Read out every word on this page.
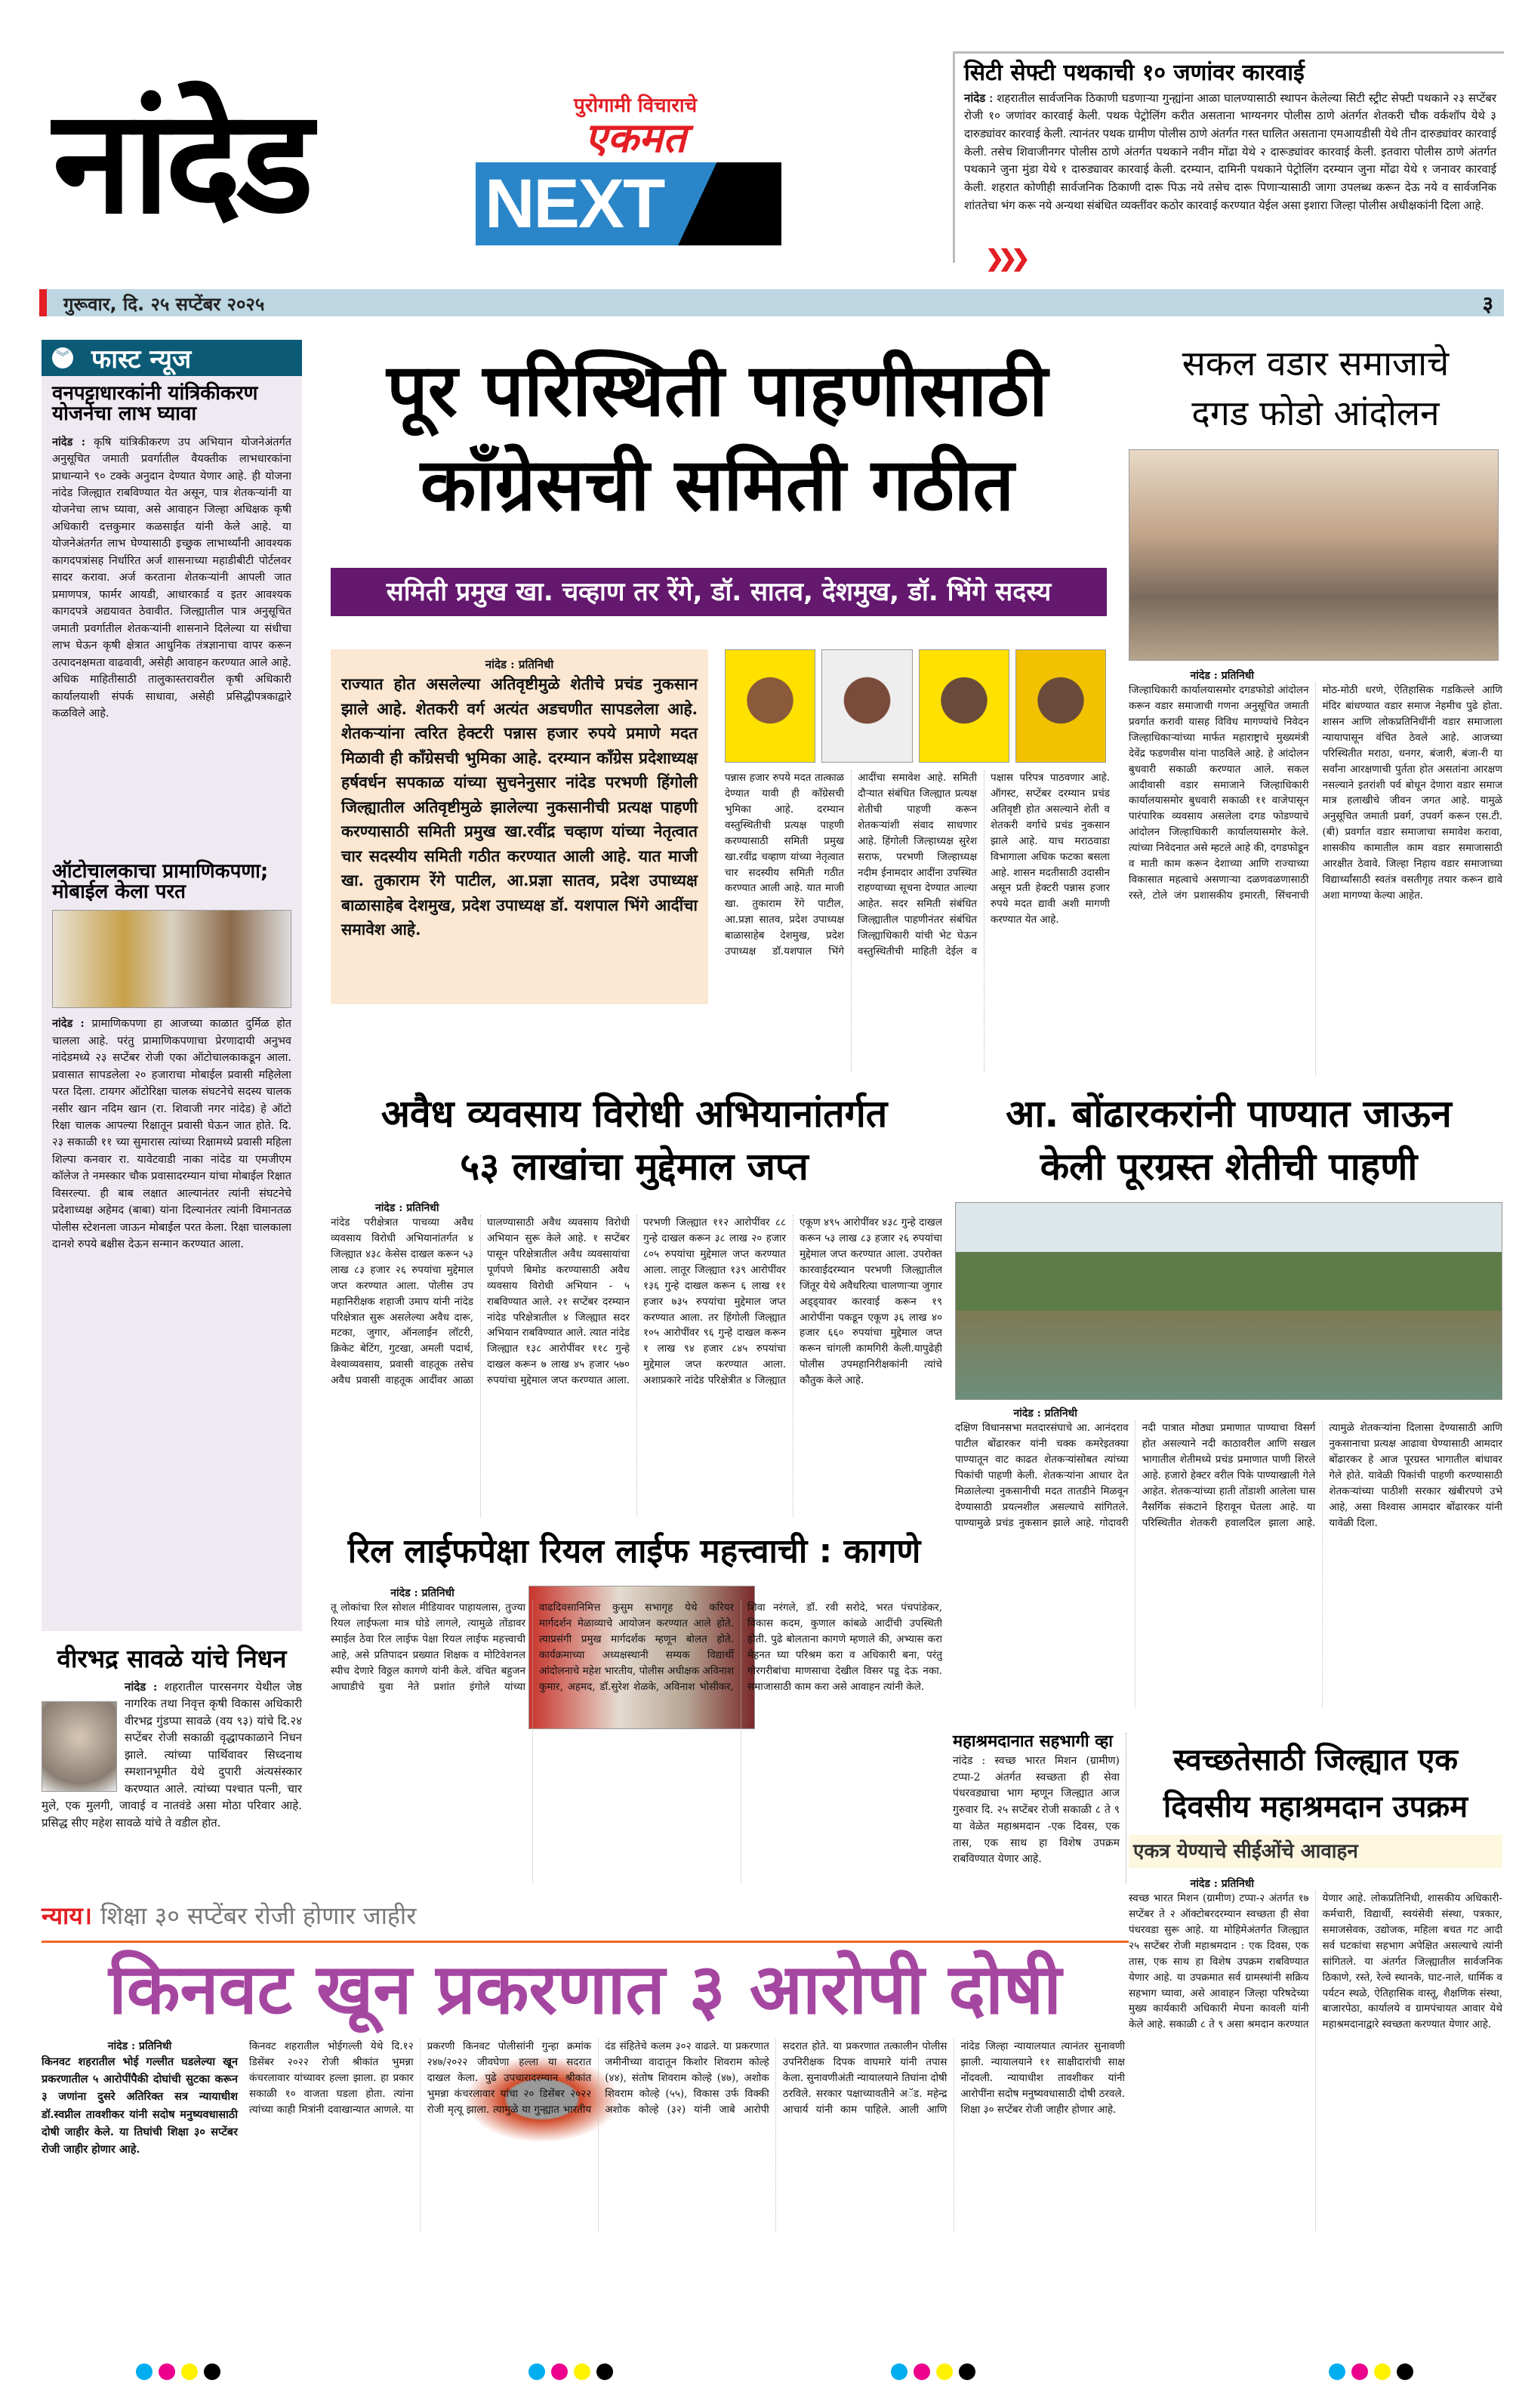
नांदेड	पुरोगामी विचाराचे
एकमत
NEXT
सिटी सेफ्टी पथकाची १० जणांवर कारवाई
नांदेड : शहरातील सार्वजनिक ठिकाणी घडणाऱ्या गुन्ह्यांना आळा घालण्यासाठी स्थापन केलेल्या सिटी स्ट्रीट सेफ्टी पथकाने २३ सप्टेंबर रोजी १० जणांवर कारवाई केली. पथक पेट्रोलिंग करीत असताना भाग्यनगर पोलीस ठाणे अंतर्गत शेतकरी चौक वर्कशॉप येथे ३ दारुड्यांवर कारवाई केली. त्यानंतर पथक ग्रामीण पोलीस ठाणे अंतर्गत गस्त घालित असताना एमआयडीसी येथे तीन दारुड्यांवर कारवाई केली. तसेच शिवाजीनगर पोलीस ठाणे अंतर्गत पथकाने नवीन मोंढा येथे २ दारूड्यांवर कारवाई केली. इतवारा पोलीस ठाणे अंतर्गत पथकाने जुना मुंडा येथे १ दारुड्यावर कारवाई केली. दरम्यान, दामिनी पथकाने पेट्रोलिंग दरम्यान जुना मोंढा येथे १ जनावर कारवाई केली. शहरात कोणीही सार्वजनिक ठिकाणी दारू पिऊ नये तसेच दारू पिणाऱ्यासाठी जागा उपलब्ध करून देऊ नये व सार्वजनिक शांततेचा भंग करू नये अन्यथा संबंधित व्यक्तींवर कठोर कारवाई करण्यात येईल असा इशारा जिल्हा पोलीस अधीक्षकांनी दिला आहे.
❯❯❯
गुरूवार, दि. २५ सप्टेंबर २०२५	३
︾ फास्ट न्यूज
वनपट्टाधारकांनी यांत्रिकीकरण योजनेचा लाभ घ्यावा
नांदेड : कृषि यांत्रिकीकरण उप अभियान योजनेअंतर्गत अनुसूचित जमाती प्रवर्गातील वैयक्तीक लाभधारकांना प्राधान्याने ९० टक्के अनुदान देण्यात येणार आहे. ही योजना नांदेड जिल्ह्यात राबविण्यात येत असून, पात्र शेतकऱ्यांनी या योजनेचा लाभ घ्यावा, असे आवाहन जिल्हा अधिक्षक कृषी अधिकारी दत्तकुमार कळसाईत यांनी केले आहे. या योजनेअंतर्गत लाभ घेण्यासाठी इच्छुक लाभार्थ्यांनी आवश्यक कागदपत्रांसह निर्धारित अर्ज शासनाच्या महाडीबीटी पोर्टलवर सादर करावा. अर्ज करताना शेतकऱ्यांनी आपली जात प्रमाणपत्र, फार्मर आयडी, आधारकार्ड व इतर आवश्यक कागदपत्रे अद्ययावत ठेवावीत. जिल्ह्यातील पात्र अनुसूचित जमाती प्रवर्गातील शेतकऱ्यांनी शासनाने दिलेल्या या संधीचा लाभ घेऊन कृषी क्षेत्रात आधुनिक तंत्रज्ञानाचा वापर करून उत्पादनक्षमता वाढवावी, असेही आवाहन करण्यात आले आहे. अधिक माहितीसाठी तालुकास्तरावरील कृषी अधिकारी कार्यालयाशी संपर्क साधावा, असेही प्रसिद्धीपत्रकाद्वारे कळविले आहे.
ऑटोचालकाचा प्रामाणिकपणा; मोबाईल केला परत
नांदेड : प्रामाणिकपणा हा आजच्या काळात दुर्मिळ होत चालला आहे. परंतु प्रामाणिकपणाचा प्रेरणादायी अनुभव नांदेडमध्ये २३ सप्टेंबर रोजी एका ऑटोचालकाकडून आला. प्रवासात सापडलेला २० हजाराचा मोबाईल प्रवासी महिलेला परत दिला. टायगर ऑटोरिक्षा चालक संघटनेचे सदस्य चालक नसीर खान नदिम खान (रा. शिवाजी नगर नांदेड) हे ऑटो रिक्षा चालक आपल्या रिक्षातून प्रवासी घेऊन जात होते. दि. २३ सकाळी ११ च्या सुमारास त्यांच्या रिक्षामध्ये प्रवासी महिला शिल्पा कनवार रा. यावेटवाडी नाका नांदेड या एमजीएम कॉलेज ते नमस्कार चौक प्रवासादरम्यान यांचा मोबाईल रिक्षात विसरल्या. ही बाब लक्षात आल्यानंतर त्यांनी संघटनेचे प्रदेशाध्यक्ष अहेमद (बाबा) यांना दिल्यानंतर त्यांनी विमानतळ पोलीस स्टेशनला जाऊन मोबाईल परत केला. रिक्षा चालकाला दानशे रुपये बक्षीस देऊन सन्मान करण्यात आला.
वीरभद्र सावळे यांचे निधन
नांदेड : शहरातील पारसनगर येथील जेष्ठ नागरिक तथा निवृत्त कृषी विकास अधिकारी वीरभद्र गुंडप्पा सावळे (वय ९३) यांचे दि.२४ सप्टेंबर रोजी सकाळी वृद्धापकाळाने निधन झाले. त्यांच्या पार्थिवावर सिध्दनाथ स्मशानभूमीत येथे दुपारी अंत्यसंस्कार करण्यात आले. त्यांच्या पश्चात पत्नी, चार मुले, एक मुलगी, जावाई व नातवंडे असा मोठा परिवार आहे. प्रसिद्ध सीए महेश सावळे यांचे ते वडील होत.
पूर परिस्थिती पाहणीसाठी
काँग्रेसची समिती गठीत
समिती प्रमुख खा. चव्हाण तर रेंगे, डॉ. सातव, देशमुख, डॉ. भिंगे सदस्य
नांदेड : प्रतिनिधी
राज्यात होत असलेल्या अतिवृष्टीमुळे शेतीचे प्रचंड नुकसान झाले आहे. शेतकरी वर्ग अत्यंत अडचणीत सापडलेला आहे. शेतकऱ्यांना त्वरित हेक्टरी पन्नास हजार रुपये प्रमाणे मदत मिळावी ही काँग्रेसची भुमिका आहे. दरम्यान काँग्रेस प्रदेशाध्यक्ष हर्षवर्धन सपकाळ यांच्या सुचनेनुसार नांदेड परभणी हिंगोली जिल्ह्यातील अतिवृष्टीमुळे झालेल्या नुकसानीची प्रत्यक्ष पाहणी करण्यासाठी समिती प्रमुख खा.रवींद्र चव्हाण यांच्या नेतृत्वात चार सदस्यीय समिती गठीत करण्यात आली आहे. यात माजी खा. तुकाराम रेंगे पाटील, आ.प्रज्ञा सातव, प्रदेश उपाध्यक्ष बाळासाहेब देशमुख, प्रदेश उपाध्यक्ष डॉ. यशपाल भिंगे आदींचा समावेश आहे.
पन्नास हजार रुपये मदत तात्काळ देण्यात यावी ही काँग्रेसची भुमिका आहे. दरम्यान वस्तुस्थितीची प्रत्यक्ष पाहणी करण्यासाठी समिती प्रमुख खा.रवींद्र चव्हाण यांच्या नेतृत्वात चार सदस्यीय समिती गठीत करण्यात आली आहे. यात माजी खा. तुकाराम रेंगे पाटील, आ.प्रज्ञा सातव, प्रदेश उपाध्यक्ष बाळासाहेब देशमुख, प्रदेश उपाध्यक्ष डॉ.यशपाल भिंगे आदींचा समावेश आहे. समिती दौऱ्यात संबंधित जिल्ह्यात प्रत्यक्ष शेतीची पाहणी करून शेतकऱ्यांशी संवाद साधणार आहे. हिंगोली जिल्हाध्यक्ष सुरेश सराफ, परभणी जिल्हाध्यक्ष नदीम ईनामदार आदींना उपस्थित राहण्याच्या सूचना देण्यात आल्या आहेत. सदर समिती संबंधित जिल्ह्यातील पाहणीनंतर संबंधित जिल्ह्याधिकारी यांची भेट घेऊन वस्तुस्थितीची माहिती देईल व पक्षास परिपत्र पाठवणार आहे. ऑगस्ट, सप्टेंबर दरम्यान प्रचंड अतिवृष्टी होत असल्याने शेती व शेतकरी वर्गाचे प्रचंड नुकसान झाले आहे. याच मराठवाडा विभागाला अधिक फटका बसला आहे. शासन मदतीसाठी उदासीन असून प्रती हेक्टरी पन्नास हजार रुपये मदत द्यावी अशी मागणी करण्यात येत आहे.
सकल वडार समाजाचे
दगड फोडो आंदोलन
नांदेड : प्रतिनिधी
जिल्हाधिकारी कार्यालयासमोर दगडफोडो आंदोलन करून वडार समाजाची गणना अनुसूचित जमाती प्रवर्गात करावी यासह विविध मागण्यांचे निवेदन जिल्हाधिकाऱ्यांच्या मार्फत महाराष्ट्राचे मुख्यमंत्री देवेंद्र फडणवीस यांना पाठविले आहे. हे आंदोलन बुधवारी सकाळी करण्यात आले. सकल आदीवासी वडार समाजाने जिल्हाधिकारी कार्यालयासमोर बुधवारी सकाळी ११ वाजेपासून पारंपारिक व्यवसाय असलेला दगड फोडण्याचे आंदोलन जिल्हाधिकारी कार्यालयासमोर केले. त्यांच्या निवेदनात असे म्हटले आहे की, दगडफोडून व माती काम करून देशाच्या आणि राज्याच्या विकासात महत्वाचे असणाऱ्या दळणवळणासाठी रस्ते, टोले जंग प्रशासकीय इमारती, सिंचनाची मोठ-मोठी धरणे, ऐतिहासिक गडकिल्ले आणि मंदिर बांधण्यात वडार समाज नेहमीच पुढे होता. शासन आणि लोकप्रतिनिधींनी वडार समाजाला न्यायापासून वंचित ठेवले आहे. आजच्या परिस्थितीत मराठा, धनगर, बंजारी, बंजा-री या सर्वांना आरक्षणाची पुर्तता होत असतांना आरक्षण नसल्याने इतरांशी पर्व बोधून देणारा वडार समाज मात्र हलाखीचे जीवन जगत आहे. यामुळे अनुसूचित जमाती प्रवर्ग, उपवर्ग करून एस.टी.(बी) प्रवर्गात वडार समाजाचा समावेश करावा, शासकीय कामातील काम वडार समाजासाठी आरक्षीत ठेवावे. जिल्हा निहाय वडार समाजाच्या विद्यार्थ्यांसाठी स्वतंत्र वसतीगृह तयार करून द्यावे अशा मागण्या केल्या आहेत.
अवैध व्यवसाय विरोधी अभियानांतर्गत
५३ लाखांचा मुद्देमाल जप्त
नांदेड : प्रतिनिधी
नांदेड परीक्षेत्रात पाचव्या अवैध व्यवसाय विरोधी अभियानांतर्गत ४ जिल्ह्यात ४३८ केसेस दाखल करून ५३ लाख ८३ हजार २६ रुपयांचा मुद्देमाल जप्त करण्यात आला. पोलीस उप महानिरीक्षक शहाजी उमाप यांनी नांदेड परिक्षेत्रात सुरू असलेल्या अवैध दारू, मटका, जुगार, ऑनलाईन लॉटरी, क्रिकेट बेटिंग, गुटखा, अमली पदार्थ, वेश्याव्यवसाय, प्रवासी वाहतूक तसेच अवैध प्रवासी वाहतूक आदींवर आळा घालण्यासाठी अवैध व्यवसाय विरोधी अभियान सुरू केले आहे. १ सप्टेंबर पासून परिक्षेत्रातील अवैध व्यवसायांचा पूर्णपणे बिमोड करण्यासाठी अवैध व्यवसाय विरोधी अभियान - ५ राबविण्यात आले. २१ सप्टेंबर दरम्यान नांदेड परिक्षेत्रातील ४ जिल्ह्यात सदर अभियान राबविण्यात आले. त्यात नांदेड जिल्ह्यात १३८ आरोपींवर ११८ गुन्हे दाखल करून ७ लाख ४५ हजार ५७० रुपयांचा मुद्देमाल जप्त करण्यात आला. परभणी जिल्ह्यात ११२ आरोपींवर ८८ गुन्हे दाखल करून ३८ लाख २० हजार ८०५ रुपयांचा मुद्देमाल जप्त करण्यात आला. लातूर जिल्ह्यात १३९ आरोपींवर १३६ गुन्हे दाखल करून ६ लाख ११ हजार ७३५ रुपयांचा मुद्देमाल जप्त करण्यात आला. तर हिंगोली जिल्ह्यात १०५ आरोपींवर ९६ गुन्हे दाखल करून १ लाख ९४ हजार ८४५ रुपयांचा मुद्देमाल जप्त करण्यात आला. अशाप्रकारे नांदेड परिक्षेत्रीत ४ जिल्ह्यात एकूण ४९५ आरोपींवर ४३८ गुन्हे दाखल करून ५३ लाख ८३ हजार २६ रुपयांचा मुद्देमाल जप्त करण्यात आला. उपरोक्त कारवाईदरम्यान परभणी जिल्ह्यातील जिंतूर येथे अवैधरित्या चालणाऱ्या जुगार अड्ड्यावर कारवाई करून १९ आरोपींना पकडून एकूण ३६ लाख ४० हजार ६६० रुपयांचा मुद्देमाल जप्त करून चांगली कामगिरी केली.यापुढेही पोलीस उपमहानिरीक्षकांनी त्यांचे कौतुक केले आहे.
आ. बोंढारकरांनी पाण्यात जाऊन
केली पूरग्रस्त शेतीची पाहणी
नांदेड : प्रतिनिधी
दक्षिण विधानसभा मतदारसंघाचे आ. आनंदराव पाटील बोंढारकर यांनी चक्क कमरेइतक्या पाण्यातून वाट काढत शेतकऱ्यांसोबत त्यांच्या पिकांची पाहणी केली. शेतकऱ्यांना आधार देत मिळालेल्या नुकसानीची मदत तातडीने मिळवून देण्यासाठी प्रयत्नशील असल्याचे सांगितले. पाण्यामुळे प्रचंड नुकसान झाले आहे. गोदावरी नदी पात्रात मोठ्या प्रमाणात पाण्याचा विसर्ग होत असल्याने नदी काठावरील आणि सखल भागातील शेतीमध्ये प्रचंड प्रमाणात पाणी शिरले आहे. हजारो हेक्टर वरील पिके पाण्याखाली गेले आहेत. शेतकऱ्यांच्या हाती तोंडाशी आलेला घास नैसर्गिक संकटाने हिरावून घेतला आहे. या परिस्थितीत शेतकरी हवालदिल झाला आहे. त्यामुळे शेतकऱ्यांना दिलासा देण्यासाठी आणि नुकसानाचा प्रत्यक्ष आढावा घेण्यासाठी आमदार बोंढारकर हे आज पूरग्रस्त भागातील बांधावर गेले होते. यावेळी पिकांची पाहणी करण्यासाठी शेतकऱ्यांच्या पाठीशी सरकार खंबीरपणे उभे आहे, असा विश्वास आमदार बोंढारकर यांनी यावेळी दिला.
रिल लाईफपेक्षा रियल लाईफ महत्त्वाची : कागणे
नांदेड : प्रतिनिधी
तू लोकांचा रिल सोशल मीडियावर पाहायलास, तुज्या रियल लाईफला मात्र घोडे लागले, त्यामुळे तोंडावर स्माईल ठेवा रिल लाईफ पेक्षा रियल लाईफ महत्त्वाची आहे, असे प्रतिपादन प्रख्यात शिक्षक व मोटिवेशनल स्पीच देणारे विठ्ठल कागणे यांनी केले. वंचित बहुजन आघाडीचे युवा नेते प्रशांत इंगोले यांच्या वाढदिवसानिमित्त कुसुम सभागृह येथे करियर मार्गदर्शन मेळाव्याचे आयोजन करण्यात आले होते. त्याप्रसंगी प्रमुख मार्गदर्शक म्हणून बोलत होते. कार्यक्रमाच्या अध्यक्षस्थानी सम्यक विद्यार्थी आंदोलनाचे महेश भारतीय, पोलीस अधीक्षक अविनाश कुमार, अहमद, डॉ.सुरेश शेळके, अविनाश भोसीकर, शिवा नरंगले, डॉ. रवी सरोदे, भरत पंचपांडेकर, विकास कदम, कुणाल कांबळे आदींची उपस्थिती होती. पुढे बोलताना कागणे म्हणाले की, अभ्यास करा मेहनत घ्या परिश्रम करा व अधिकारी बना, परंतु गोरगरीबांचा माणसाचा देखील विसर पडू देऊ नका. समाजासाठी काम करा असे आवाहन त्यांनी केले.
महाश्रमदानात सहभागी व्हा
नांदेड : स्वच्छ भारत मिशन (ग्रामीण) टप्पा-2 अंतर्गत स्वच्छता ही सेवा पंधरवड्याचा भाग म्हणून जिल्ह्यात आज गुरुवार दि. २५ सप्टेंबर रोजी सकाळी ८ ते ९ या वेळेत महाश्रमदान -एक दिवस, एक तास, एक साथ हा विशेष उपक्रम राबविण्यात येणार आहे.
स्वच्छतेसाठी जिल्ह्यात एक
दिवसीय महाश्रमदान उपक्रम
एकत्र येण्याचे सीईओंचे आवाहन
नांदेड : प्रतिनिधी
स्वच्छ भारत मिशन (ग्रामीण) टप्पा-२ अंतर्गत १७ सप्टेंबर ते २ ऑक्टोबरदरम्यान स्वच्छता ही सेवा पंधरवडा सुरू आहे. या मोहिमेअंतर्गत जिल्ह्यात २५ सप्टेंबर रोजी महाश्रमदान : एक दिवस, एक तास, एक साथ हा विशेष उपक्रम राबविण्यात येणार आहे. या उपक्रमात सर्व ग्रामस्थांनी सक्रिय सहभाग घ्यावा, असे आवाहन जिल्हा परिषदेच्या मुख्य कार्यकारी अधिकारी मेघना कावली यांनी केले आहे. सकाळी ८ ते ९ असा श्रमदान करण्यात येणार आहे. लोकप्रतिनिधी, शासकीय अधिकारी-कर्मचारी, विद्यार्थी, स्वयंसेवी संस्था, पत्रकार, समाजसेवक, उद्योजक, महिला बचत गट आदी सर्व घटकांचा सहभाग अपेक्षित असल्याचे त्यांनी सांगितले. या अंतर्गत जिल्ह्यातील सार्वजनिक ठिकाणे, रस्ते, रेल्वे स्थानके, घाट-नाले, धार्मिक व पर्यटन स्थळे, ऐतिहासिक वास्तू, शैक्षणिक संस्था, बाजारपेठा, कार्यालये व ग्रामपंचायत आवार येथे महाश्रमदानाद्वारे स्वच्छता करण्यात येणार आहे.
न्याय। शिक्षा ३० सप्टेंबर रोजी होणार जाहीर
किनवट खून प्रकरणात ३ आरोपी दोषी
नांदेड : प्रतिनिधी
किनवट शहरातील भोई गल्लीत घडलेल्या खून प्रकरणातील ५ आरोपींपैकी दोघांची सुटका करून ३ जणांना दुसरे अतिरिक्त सत्र न्यायाधीश डॉ.स्वप्नील तावशीकर यांनी सदोष मनुष्यवधासाठी दोषी जाहीर केले. या तिघांची शिक्षा ३० सप्टेंबर रोजी जाहीर होणार आहे.
किनवट शहरातील भोईगल्ली येथे दि.१२ डिसेंबर २०२२ रोजी श्रीकांत भुमन्ना कंचरलावार यांच्यावर हल्ला झाला. हा प्रकार सकाळी १० वाजता घडला होता. त्यांना त्यांच्या काही मित्रांनी दवाखान्यात आणले. या प्रकरणी किनवट पोलीसांनी गुन्हा क्रमांक २४७/२०२२ जीवघेणा हल्ला या सदरात दाखल केला. पुढे उपचारादरम्यान श्रीकांत भुमन्ना कंचरलावार यांचा २० डिसेंबर २०२२ रोजी मृत्यू झाला. त्यामुळे या गुन्ह्यात भारतीय दंड संहितेचे कलम ३०२ वाढले. या प्रकरणात जमीनीच्या वादातून किशोर शिवराम कोल्हे (४४), संतोष शिवराम कोल्हे (४७), अशोक शिवराम कोल्हे (५५), विकास उर्फ विक्की अशोक कोल्हे (३२) यांनी जाबे आरोपी सदरात होते. या प्रकरणात तत्कालीन पोलीस उपनिरीक्षक दिपक वाघमारे यांनी तपास केला. सुनावणीअंती न्यायालयाने तिघांना दोषी ठरविले. सरकार पक्षाच्यावतीने अॅड. महेन्द्र आचार्य यांनी काम पाहिले. आली आणि नांदेड जिल्हा न्यायालयात त्यानंतर सुनावणी झाली. न्यायालयाने ११ साक्षीदारांची साक्ष नोंदवली. न्यायाधीश तावशीकर यांनी आरोपींना सदोष मनुष्यवधासाठी दोषी ठरवले. शिक्षा ३० सप्टेंबर रोजी जाहीर होणार आहे.
